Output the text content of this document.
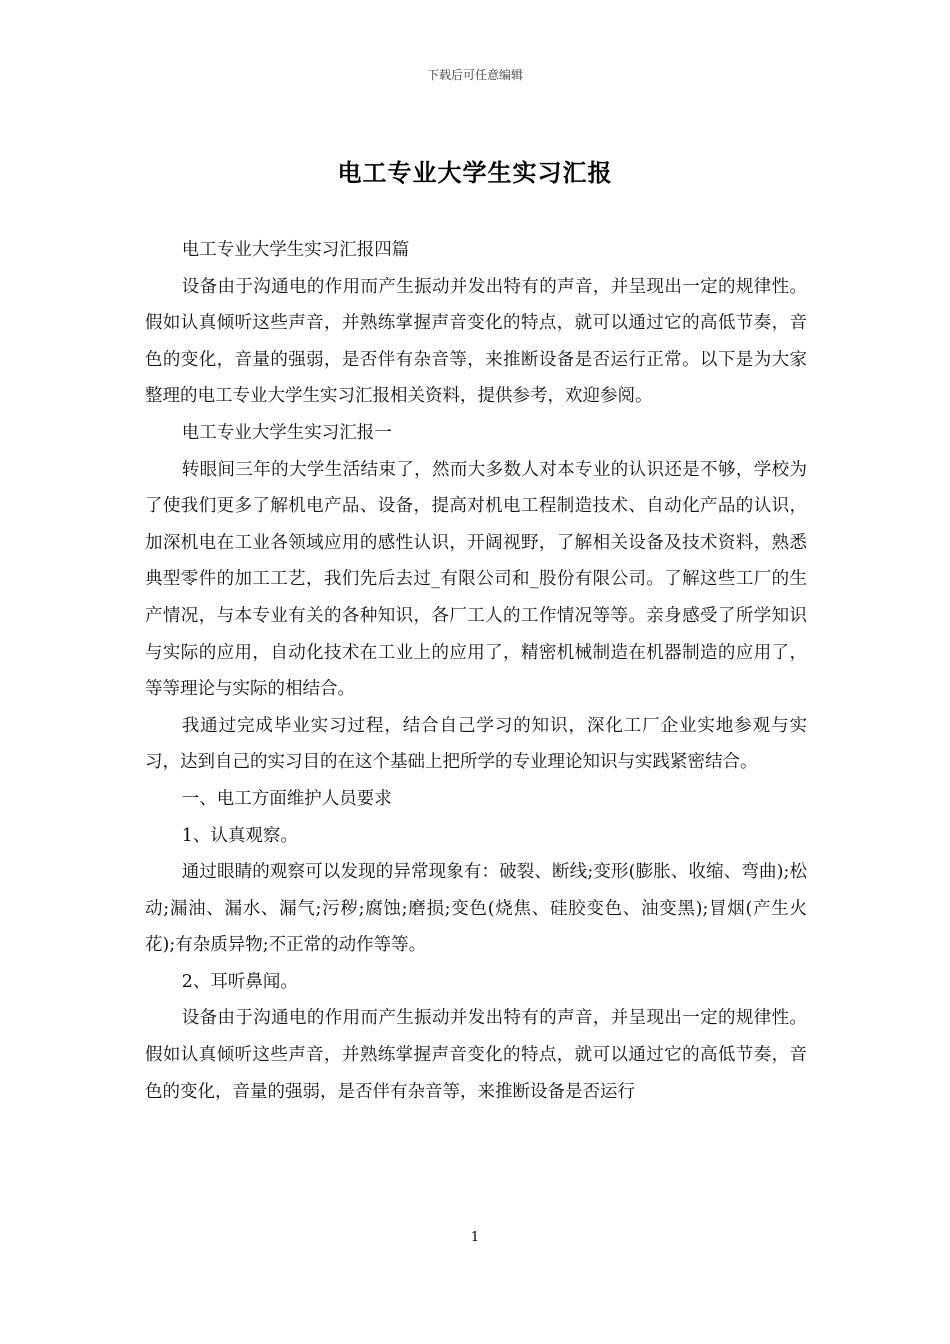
下载后可任意编辑
电工专业大学生实习汇报

电工专业大学生实习汇报四篇

设备由于沟通电的作用而产生振动并发出特有的声音，并呈现出一定的规律性。假如认真倾听这些声音，并熟练掌握声音变化的特点，就可以通过它的高低节奏，音色的变化，音量的强弱，是否伴有杂音等，来推断设备是否运行正常。以下是为大家整理的电工专业大学生实习汇报相关资料，提供参考，欢迎参阅。

电工专业大学生实习汇报一

转眼间三年的大学生活结束了，然而大多数人对本专业的认识还是不够，学校为了使我们更多了解机电产品、设备，提高对机电工程制造技术、自动化产品的认识，加深机电在工业各领域应用的感性认识，开阔视野，了解相关设备及技术资料，熟悉典型零件的加工工艺，我们先后去过_有限公司和_股份有限公司。了解这些工厂的生产情况，与本专业有关的各种知识，各厂工人的工作情况等等。亲身感受了所学知识与实际的应用，自动化技术在工业上的应用了，精密机械制造在机器制造的应用了，等等理论与实际的相结合。

我通过完成毕业实习过程，结合自己学习的知识，深化工厂企业实地参观与实习，达到自己的实习目的在这个基础上把所学的专业理论知识与实践紧密结合。

一、电工方面维护人员要求

1、认真观察。

通过眼睛的观察可以发现的异常现象有：破裂、断线;变形(膨胀、收缩、弯曲);松动;漏油、漏水、漏气;污秽;腐蚀;磨损;变色(烧焦、硅胶变色、油变黑);冒烟(产生火花);有杂质异物;不正常的动作等等。

2、耳听鼻闻。

设备由于沟通电的作用而产生振动并发出特有的声音，并呈现出一定的规律性。假如认真倾听这些声音，并熟练掌握声音变化的特点，就可以通过它的高低节奏，音色的变化，音量的强弱，是否伴有杂音等，来推断设备是否运行

1
